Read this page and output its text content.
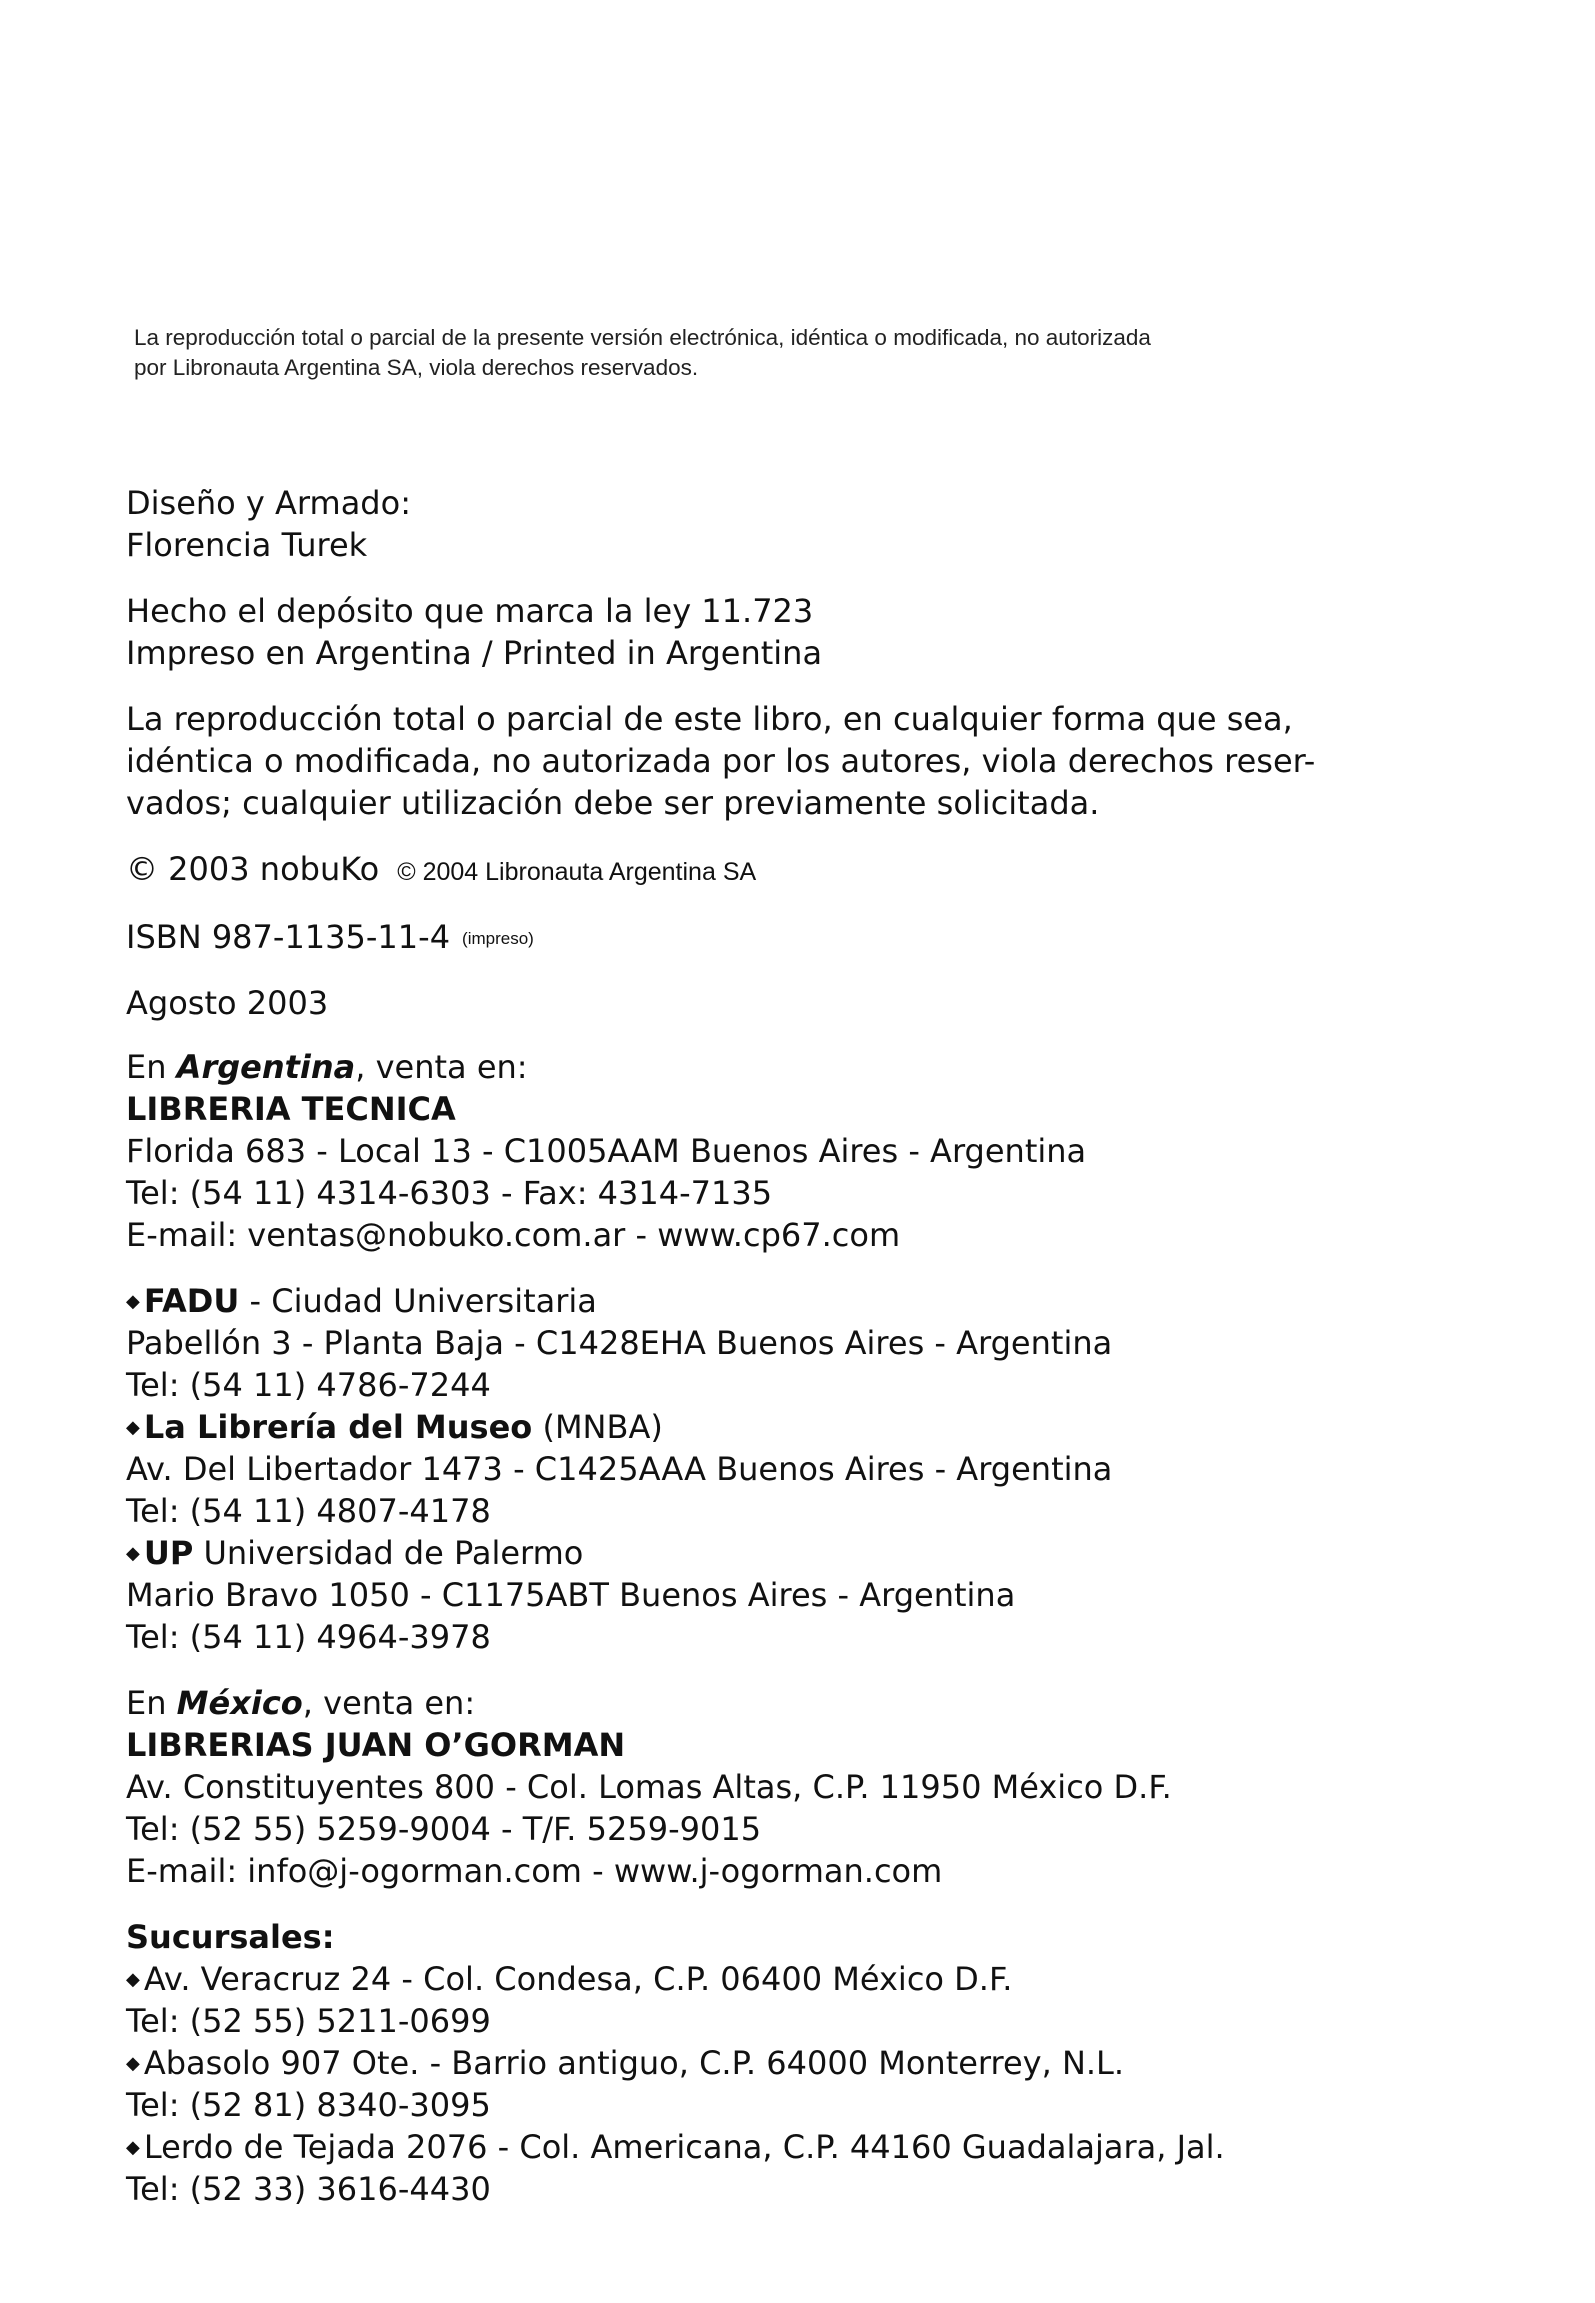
La reproducción total o parcial de la presente versión electrónica, idéntica o modificada, no autorizada
por Libronauta Argentina SA, viola derechos reservados.
Diseño y Armado:
Florencia Turek
Hecho el depósito que marca la ley 11.723
Impreso en Argentina / Printed in Argentina
La reproducción total o parcial de este libro, en cualquier forma que sea,
idéntica o modificada, no autorizada por los autores, viola derechos reser-
vados; cualquier utilización debe ser previamente solicitada.
© 2003 nobuKo © 2004 Libronauta Argentina SA
ISBN 987-1135-11-4 (impreso)
Agosto 2003
En Argentina, venta en:
LIBRERIA TECNICA
Florida 683 - Local 13 - C1005AAM Buenos Aires - Argentina
Tel: (54 11) 4314-6303 - Fax: 4314-7135
E-mail: ventas@nobuko.com.ar - www.cp67.com
◆ FADU - Ciudad Universitaria
Pabellón 3 - Planta Baja - C1428EHA Buenos Aires - Argentina
Tel: (54 11) 4786-7244
◆ La Librería del Museo (MNBA)
Av. Del Libertador 1473 - C1425AAA Buenos Aires - Argentina
Tel: (54 11) 4807-4178
◆ UP Universidad de Palermo
Mario Bravo 1050 - C1175ABT Buenos Aires - Argentina
Tel: (54 11) 4964-3978
En México, venta en:
LIBRERIAS JUAN O’GORMAN
Av. Constituyentes 800 - Col. Lomas Altas, C.P. 11950 México D.F.
Tel: (52 55) 5259-9004 - T/F. 5259-9015
E-mail: info@j-ogorman.com - www.j-ogorman.com
Sucursales:
◆ Av. Veracruz 24 - Col. Condesa, C.P. 06400 México D.F.
Tel: (52 55) 5211-0699
◆ Abasolo 907 Ote. - Barrio antiguo, C.P. 64000 Monterrey, N.L.
Tel: (52 81) 8340-3095
◆ Lerdo de Tejada 2076 - Col. Americana, C.P. 44160 Guadalajara, Jal.
Tel: (52 33) 3616-4430
